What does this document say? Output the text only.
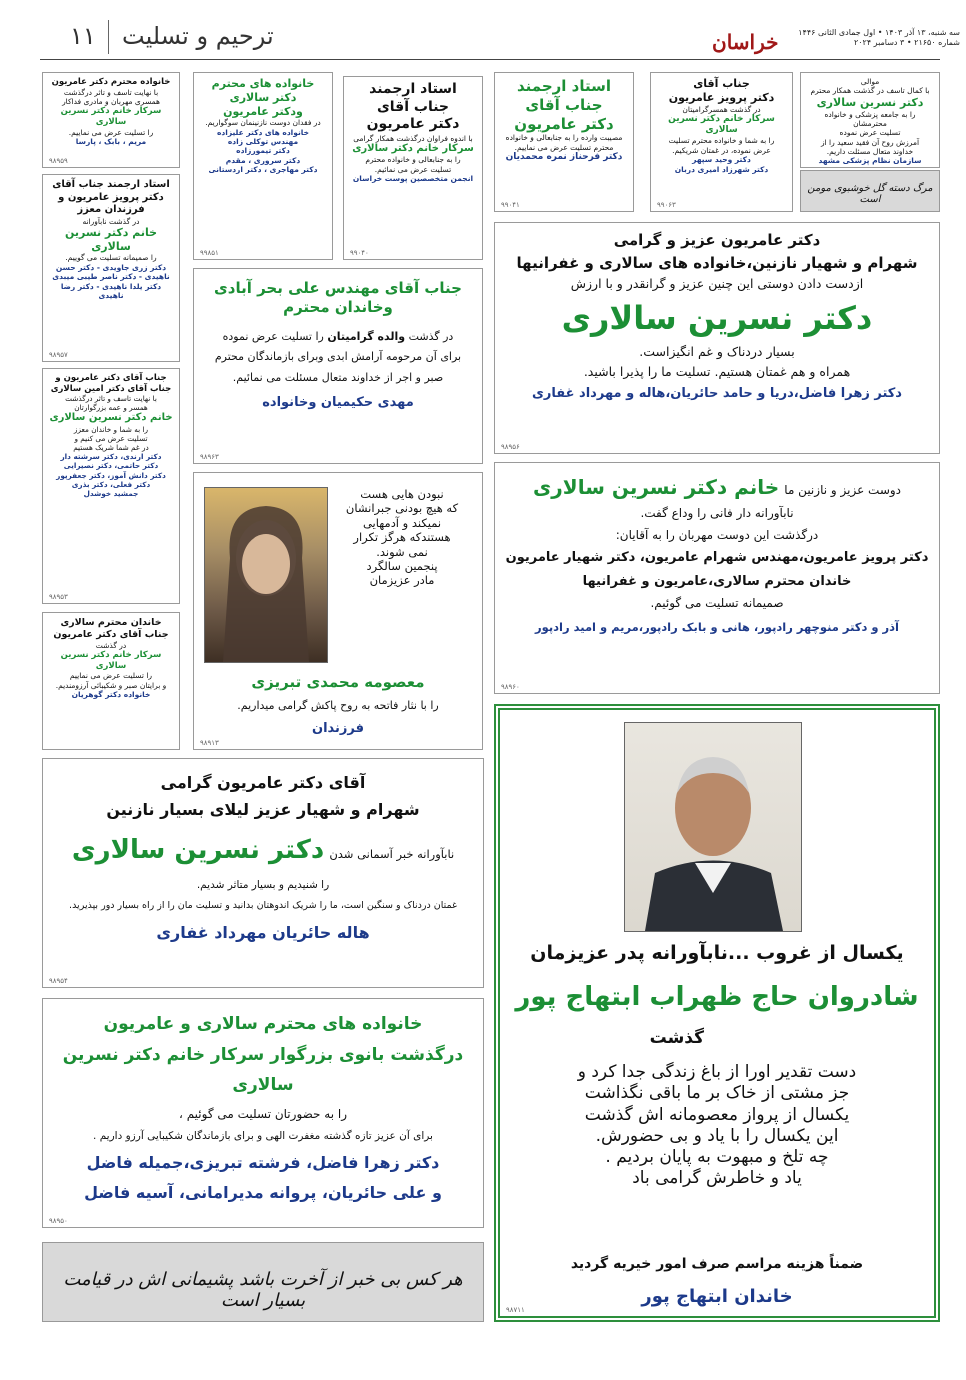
۱۱ ترحیم و تسلیت	خراسان	سه شنبه، ۱۳ آذر ۱۴۰۳ • اول جمادی الثانی ۱۴۴۶
شماره ۲۱۶۵۰ • ۳ دسامبر ۲۰۲۴
موالی
با کمال تاسف در گذشت همکار محترم
دکتر نسرین سالاری
را به جامعه پزشکی و خانواده محترمشان
تسلیت عرض نموده
آمرزش روح آن فقید سعید را از
خداوند متعال مسئلت داریم.
سازمان نظام پزشکی مشهد
مرگ دسته گل خوشبوی مومن است
جناب آقای
دکتر پرویز عامریون
در گذشت همسرگرامیتان
سرکار خانم دکتر نسرین سالاری
را به شما و خانواده محترم تسلیت
عرض نموده، در غمتان شریکیم.
دکتر وحید سپهر
دکتر شهرزاد امیری دربان
۹۹۰۶۳
استاد ارجمند
جناب آقای
دکتر عامریون
مصیبت وارده را به جنابعالی و خانواده
محترم تسلیت عرض می نماییم.
دکتر فرحناز نمره محمدیان
۹۹۰۴۱
استاد ارجمند
جناب آقای
دکتر عامریون
با اندوه فراوان درگذشت همکار گرامی
سرکار خانم دکتر سالاری
را به جنابعالی و خانواده محترم
تسلیت عرض می نمائیم.
انجمن متخصصین پوست خراسان
۹۹۰۴۰
خانواده های محترم
دکتر سالاری
ودکتر عامریون
در فقدان دوست نازنینمان سوگواریم.
خانواده های دکتر علیزاده
مهندس توکلی زاده
دکتر تیمورزاده
دکتر سروری ، مقدم
دکتر مهاجری ، دکتر اردستانی
۹۹۸۵۱
خانواده محترم دکتر عامریون
با نهایت تاسف و تاثر درگذشت
همسری مهربان و مادری فداکار
سرکار خانم دکتر نسرین سالاری
را تسلیت عرض می نماییم.
مریم ، بابک ، پارسا
۹۸۹۵۹
استاد ارجمند جناب آقای
دکتر پرویز عامریون و
فرزندان معزز
در گذشت نابآورانه
خانم دکتر نسرین سالاری
را صمیمانه تسلیت می گوییم.
دکتر زری جاویدی - دکتر حسن
ناهیدی - دکتر ناصر طیبی میبدی
دکتر یلدا ناهیدی - دکتر رضا ناهیدی
۹۸۹۵۷
جناب آقای دکتر عامریون و
جناب آقای دکتر امین سالاری
با نهایت تاسف و تاثر درگذشت
همسر و عمه بزرگوارتان
خانم دکتر نسرین سالاری
را به شما و خاندان معزز
تسلیت عرض می کنیم و
در غم شما شریک هستیم
دکتر ارندی، دکتر سرشته دار
دکتر حاتمی، دکتر نصیرایی
دکتر دانش آموز، دکتر جعفرپور
دکتر فعلی، دکتر بذری
جمشید خوشدل
۹۸۹۵۳
خاندان محترم سالاری
جناب آقای دکتر عامریون
در گذشت
سرکار خانم دکتر نسرین سالاری
را تسلیت عرض می نماییم
و برایتان صبر و شکیبائی آرزومندیم.
خانواده دکتر گوهریان
جناب آقای مهندس علی بحر آبادی
وخاندان محترم
در گذشت والده گرامیتان را تسلیت عرض نموده
برای آن مرحومه آرامش ابدی وبرای بازماندگان محترم
صبر و اجر از خداوند متعال مسئلت می نمائیم.
مهدی حکیمیان وخانواده
۹۸۹۶۳
نبودن هایی هست
که هیچ بودنی جبرانشان
نمیکند و آدمهایی
هستندکه هرگز تکرار
نمی شوند.
پنجمین سالگرد
مادر عزیزمان
معصومه محمدی تبریزی
را با نثار فاتحه به روح پاکش گرامی میداریم.
فرزندان
۹۸۹۱۳
دکتر عامریون عزیز و گرامی
شهرام و شهیار نازنین،خانواده های سالاری و غفرانیها
ازدست دادن دوستی این چنین عزیز و گرانقدر و با ارزش
دکتر نسرین سالاری
بسیار دردناک و غم انگیزاست.
همراه و هم غمتان هستیم. تسلیت ما را پذیرا باشید.
دکتر زهرا فاضل،دریا و حامد حائریان،هاله و مهرداد غفاری
۹۸۹۵۶
دوست عزیز و نازنین ما خانم دکتر نسرین سالاری
نابآورانه دار فانی را وداع گفت.
درگذشت این دوست مهربان را به آقایان:
دکتر پرویز عامریون،مهندس شهرام عامریون، دکتر شهیار عامریون
خاندان محترم سالاری،عامریون و غفرانیها
صمیمانه تسلیت می گوئیم.
آذر و دکتر منوچهر رادپور، هانی و بابک رادپور،مریم و امید رادپور
۹۸۹۶۰
آقای دکتر عامریون گرامی
شهرام و شهیار عزیز لیلای بسیار نازنین
نابآورانه خبر آسمانی شدن دکتر نسرین سالاری
را شنیدیم و بسیار متاثر شدیم.
غمتان دردناک و سنگین است، ما را شریک اندوهتان بدانید و تسلیت مان را از راه بسیار دور بپذیرید.
هاله حائریان مهرداد غفاری
۹۸۹۵۴
خانواده های محترم سالاری و عامریون
درگذشت بانوی بزرگوار سرکار خانم دکتر نسرین سالاری
را به حضورتان تسلیت می گوئیم ،
برای آن عزیز تازه گذشته مغفرت الهی و برای بازماندگان شکیبایی آرزو داریم .
دکتر زهرا فاضل، فرشته تبریزی،جمیله فاضل
و علی حائریان، پروانه مدیرامانی، آسیه فاضل
۹۸۹۵۰
هر کس بی خبر از آخرت باشد پشیمانی اش در قیامت بسیار است
یکسال از غروب ...نابآورانه پدر عزیزمان
شادروان حاج ظهراب ابتهاج پور
گذشت
دست تقدیر اورا از باغ زندگی جدا کرد و
جز مشتی از خاک بر ما باقی نگذاشت
یکسال از پرواز معصومانه اش گذشت
این یکسال را با یاد و بی حضورش.
چه تلخ و مبهوت به پایان بردیم .
یاد و خاطرش گرامی باد
ضمناً هزینه مراسم صرف امور خیریه گردید
خاندان ابتهاج پور
۹۸۷۱۱
